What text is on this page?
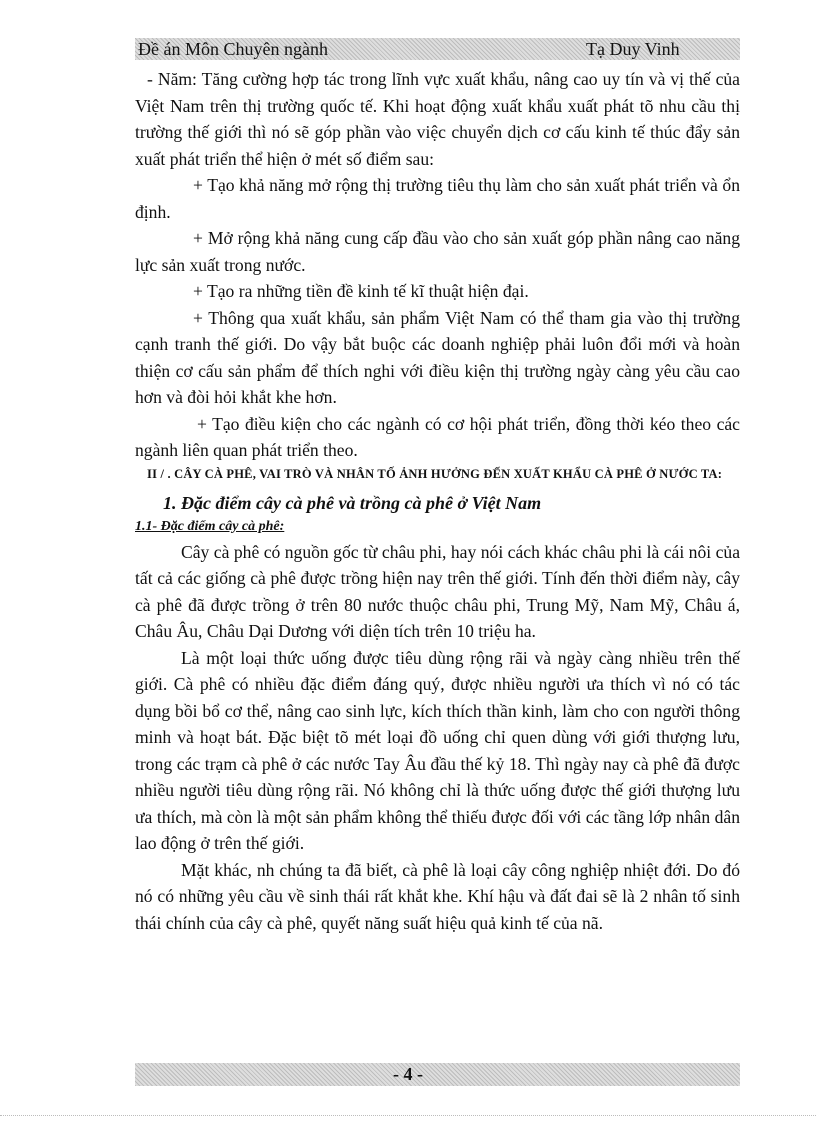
Đề án Môn Chuyên ngành	Tạ Duy Vinh

- Năm: Tăng cường hợp tác trong lĩnh vực xuất khẩu, nâng cao uy tín và vị thế của Việt Nam trên thị trường quốc tế. Khi hoạt động xuất khẩu xuất phát tõ nhu cầu thị trường thế giới thì nó sẽ góp phần vào việc chuyển dịch cơ cấu kinh tế thúc đẩy sản xuất phát triển thể hiện ở mét số điểm sau:

+ Tạo khả năng mở rộng thị trường tiêu thụ làm cho sản xuất phát triển và ổn định.

+ Mở rộng khả năng cung cấp đầu vào cho sản xuất góp phần nâng cao năng lực sản xuất trong nước.

+ Tạo ra những tiền đề kinh tế kĩ thuật hiện đại.

+ Thông qua xuất khẩu, sản phẩm Việt Nam có thể tham gia vào thị trường cạnh tranh thế giới. Do vậy bắt buộc các doanh nghiệp phải luôn đổi mới và hoàn thiện cơ cấu sản phẩm để thích nghi với điều kiện thị trường ngày càng yêu cầu cao hơn và đòi hỏi khắt khe hơn.

+ Tạo điều kiện cho các ngành có cơ hội phát triển, đồng thời kéo theo các ngành liên quan phát triển theo.

II / . CÂY CÀ PHÊ, VAI TRÒ VÀ NHÂN TỐ ẢNH HƯỞNG ĐẾN XUẤT KHẨU CÀ PHÊ Ở NƯỚC TA:

1. Đặc điểm cây cà phê và trồng cà phê ở Việt Nam

1.1- Đặc điểm cây cà phê:

Cây cà phê có nguồn gốc từ châu phi, hay nói cách khác châu phi là cái nôi của tất cả các giống cà phê được trồng hiện nay trên thế giới. Tính đến thời điểm này, cây cà phê đã được trồng ở trên 80 nước thuộc châu phi, Trung Mỹ, Nam Mỹ, Châu á, Châu Âu, Châu Dại Dương với diện tích trên 10 triệu ha.

Là một loại thức uống được tiêu dùng rộng rãi và ngày càng nhiều trên thế giới. Cà phê có nhiều đặc điểm đáng quý, được nhiều người ưa thích vì nó có tác dụng bồi bổ cơ thể, nâng cao sinh lực, kích thích thần kinh, làm cho con người thông minh và hoạt bát. Đặc biệt tõ mét loại đồ uống chỉ quen dùng với giới thượng lưu, trong các trạm cà phê ở các nước Tay Âu đầu thế kỷ 18. Thì ngày nay cà phê đã được nhiều người tiêu dùng rộng rãi. Nó không chỉ là thức uống được thế giới thượng lưu ưa thích, mà còn là một sản phẩm không thể thiếu được đối với các tầng lớp nhân dân lao động ở trên thế giới.

Mặt khác, nh chúng ta đã biết, cà phê là loại cây công nghiệp nhiệt đới. Do đó nó có những yêu cầu về sinh thái rất khắt khe. Khí hậu và đất đai sẽ là 2 nhân tố sinh thái chính của cây cà phê, quyết năng suất hiệu quả kinh tế của nã.

- 4 -
